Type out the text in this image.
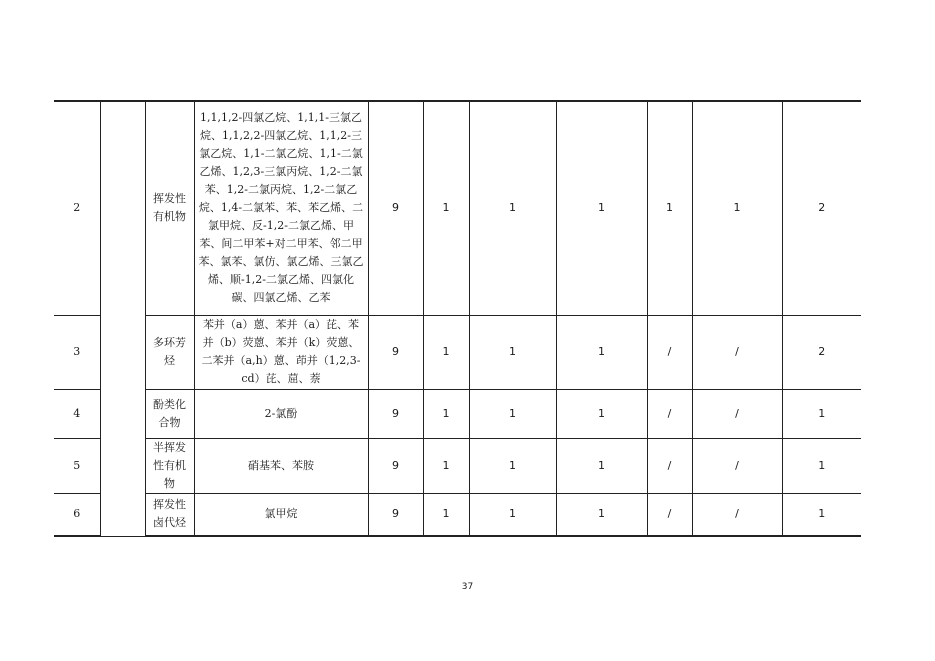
2		挥发性有机物	1,1,1,2-四氯乙烷、1,1,1-三氯乙烷、1,1,2,2-四氯乙烷、1,1,2-三氯乙烷、1,1-二氯乙烷、1,1-二氯乙烯、1,2,3-三氯丙烷、1,2-二氯苯、1,2-二氯丙烷、1,2-二氯乙烷、1,4-二氯苯、苯、苯乙烯、二氯甲烷、反-1,2-二氯乙烯、甲苯、间二甲苯+对二甲苯、邻二甲苯、氯苯、氯仿、氯乙烯、三氯乙烯、顺-1,2-二氯乙烯、四氯化碳、四氯乙烯、乙苯	9	1	1	1	1	1	2
3		多环芳烃	苯并（a）蒽、苯并（a）芘、苯并（b）荧蒽、苯并（k）荧蒽、二苯并（a,h）蒽、茚并（1,2,3-cd）芘、䓛、萘	9	1	1	1	/	/	2
4		酚类化合物	2-氯酚	9	1	1	1	/	/	1
5		半挥发性有机物	硝基苯、苯胺	9	1	1	1	/	/	1
6		挥发性卤代烃	氯甲烷	9	1	1	1	/	/	1
37
